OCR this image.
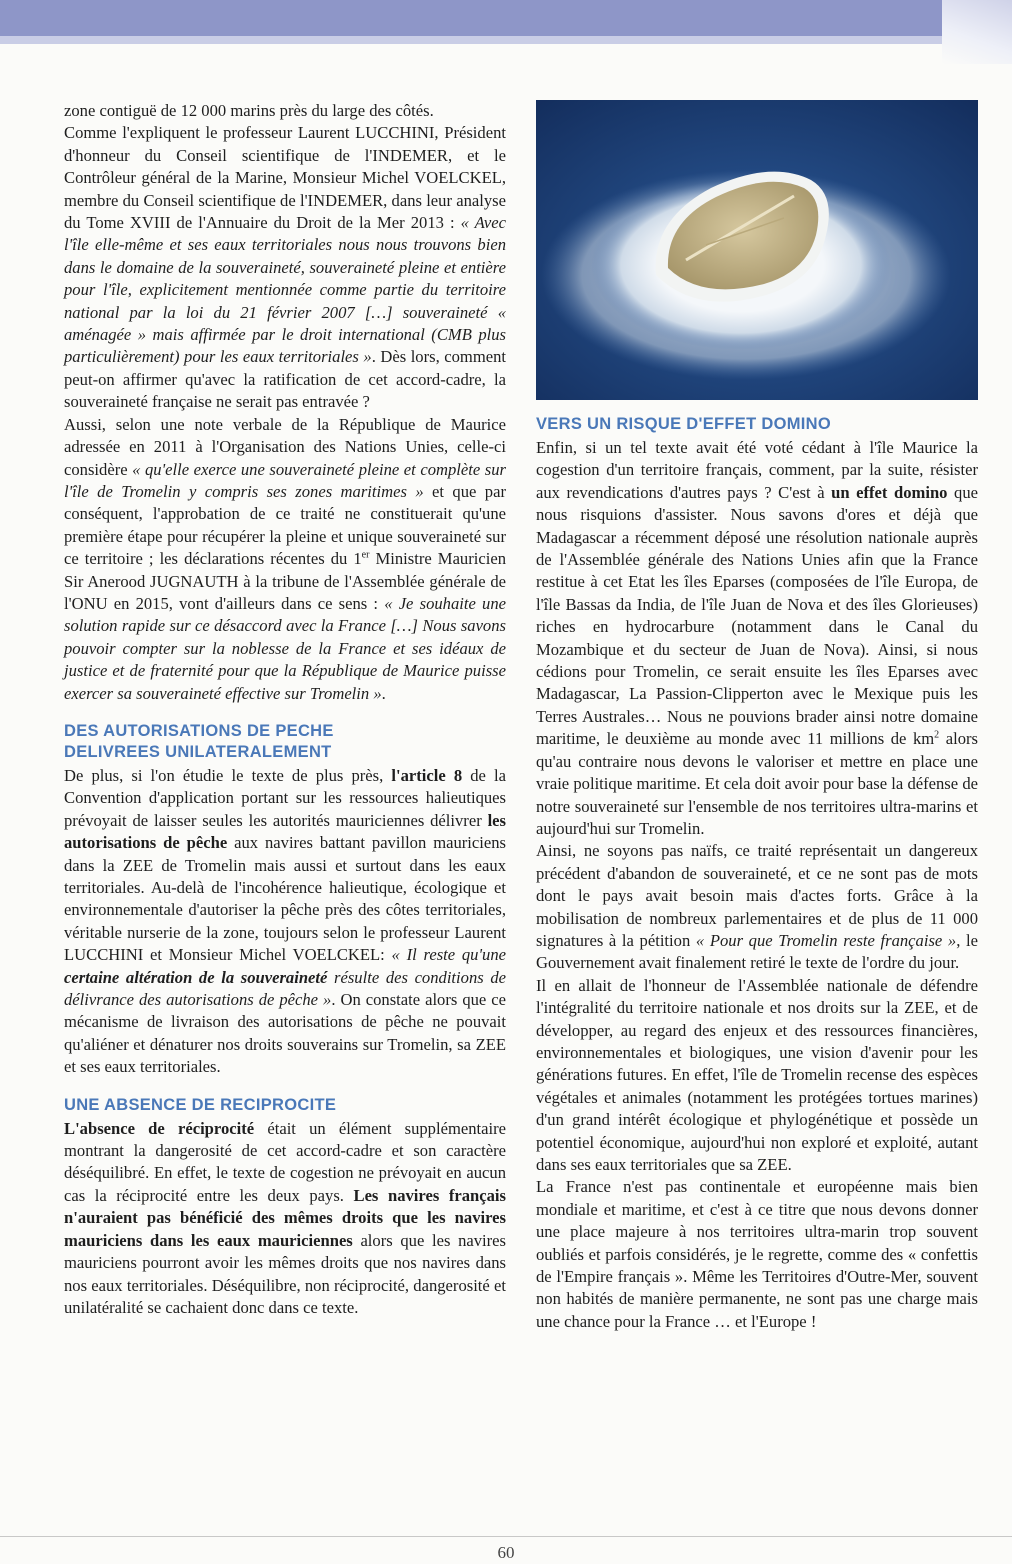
zone contiguë de 12 000 marins près du large des côtés.

Comme l'expliquent le professeur Laurent LUCCHINI, Président d'honneur du Conseil scientifique de l'INDEMER, et le Contrôleur général de la Marine, Monsieur Michel VOELCKEL, membre du Conseil scientifique de l'INDEMER, dans leur analyse du Tome XVIII de l'Annuaire du Droit de la Mer 2013 : « Avec l'île elle-même et ses eaux territoriales nous nous trouvons bien dans le domaine de la souveraineté, souveraineté pleine et entière pour l'île, explicitement mentionnée comme partie du territoire national par la loi du 21 février 2007 […] souveraineté « aménagée » mais affirmée par le droit international (CMB plus particulièrement) pour les eaux territoriales ». Dès lors, comment peut-on affirmer qu'avec la ratification de cet accord-cadre, la souveraineté française ne serait pas entravée ?

Aussi, selon une note verbale de la République de Maurice adressée en 2011 à l'Organisation des Nations Unies, celle-ci considère « qu'elle exerce une souveraineté pleine et complète sur l'île de Tromelin y compris ses zones maritimes » et que par conséquent, l'approbation de ce traité ne constituerait qu'une première étape pour récupérer la pleine et unique souveraineté sur ce territoire ; les déclarations récentes du 1er Ministre Mauricien Sir Anerood JUGNAUTH à la tribune de l'Assemblée générale de l'ONU en 2015, vont d'ailleurs dans ce sens : « Je souhaite une solution rapide sur ce désaccord avec la France […] Nous savons pouvoir compter sur la noblesse de la France et ses idéaux de justice et de fraternité pour que la République de Maurice puisse exercer sa souveraineté effective sur Tromelin ».

DES AUTORISATIONS DE PECHE
DELIVREES UNILATERALEMENT

De plus, si l'on étudie le texte de plus près, l'article 8 de la Convention d'application portant sur les ressources halieutiques prévoyait de laisser seules les autorités mauriciennes délivrer les autorisations de pêche aux navires battant pavillon mauriciens dans la ZEE de Tromelin mais aussi et surtout dans les eaux territoriales. Au-delà de l'incohérence halieutique, écologique et environnementale d'autoriser la pêche près des côtes territoriales, véritable nurserie de la zone, toujours selon le professeur Laurent LUCCHINI et Monsieur Michel VOELCKEL: « Il reste qu'une certaine altération de la souveraineté résulte des conditions de délivrance des autorisations de pêche ». On constate alors que ce mécanisme de livraison des autorisations de pêche ne pouvait qu'aliéner et dénaturer nos droits souverains sur Tromelin, sa ZEE et ses eaux territoriales.

UNE ABSENCE DE RECIPROCITE

L'absence de réciprocité était un élément supplémentaire montrant la dangerosité de cet accord-cadre et son caractère déséquilibré. En effet, le texte de cogestion ne prévoyait en aucun cas la réciprocité entre les deux pays. Les navires français n'auraient pas bénéficié des mêmes droits que les navires mauriciens dans les eaux mauriciennes alors que les navires mauriciens pourront avoir les mêmes droits que nos navires dans nos eaux territoriales. Déséquilibre, non réciprocité, dangerosité et unilatéralité se cachaient donc dans ce texte.

VERS UN RISQUE D'EFFET DOMINO

Enfin, si un tel texte avait été voté cédant à l'île Maurice la cogestion d'un territoire français, comment, par la suite, résister aux revendications d'autres pays ? C'est à un effet domino que nous risquions d'assister. Nous savons d'ores et déjà que Madagascar a récemment déposé une résolution nationale auprès de l'Assemblée générale des Nations Unies afin que la France restitue à cet Etat les îles Eparses (composées de l'île Europa, de l'île Bassas da India, de l'île Juan de Nova et des îles Glorieuses) riches en hydrocarbure (notamment dans le Canal du Mozambique et du secteur de Juan de Nova). Ainsi, si nous cédions pour Tromelin, ce serait ensuite les îles Eparses avec Madagascar, La Passion-Clipperton avec le Mexique puis les Terres Australes… Nous ne pouvions brader ainsi notre domaine maritime, le deuxième au monde avec 11 millions de $km^2$ alors qu'au contraire nous devons le valoriser et mettre en place une vraie politique maritime. Et cela doit avoir pour base la défense de notre souveraineté sur l'ensemble de nos territoires ultra-marins et aujourd'hui sur Tromelin.

Ainsi, ne soyons pas naïfs, ce traité représentait un dangereux précédent d'abandon de souveraineté, et ce ne sont pas de mots dont le pays avait besoin mais d'actes forts. Grâce à la mobilisation de nombreux parlementaires et de plus de 11 000 signatures à la pétition « Pour que Tromelin reste française », le Gouvernement avait finalement retiré le texte de l'ordre du jour.

Il en allait de l'honneur de l'Assemblée nationale de défendre l'intégralité du territoire nationale et nos droits sur la ZEE, et de développer, au regard des enjeux et des ressources financières, environnementales et biologiques, une vision d'avenir pour les générations futures. En effet, l'île de Tromelin recense des espèces végétales et animales (notamment les protégées tortues marines) d'un grand intérêt écologique et phylogénétique et possède un potentiel économique, aujourd'hui non exploré et exploité, autant dans ses eaux territoriales que sa ZEE.

La France n'est pas continentale et européenne mais bien mondiale et maritime, et c'est à ce titre que nous devons donner une place majeure à nos territoires ultra-marin trop souvent oubliés et parfois considérés, je le regrette, comme des « confettis de l'Empire français ». Même les Territoires d'Outre-Mer, souvent non habités de manière permanente, ne sont pas une charge mais une chance pour la France … et l'Europe !

60
